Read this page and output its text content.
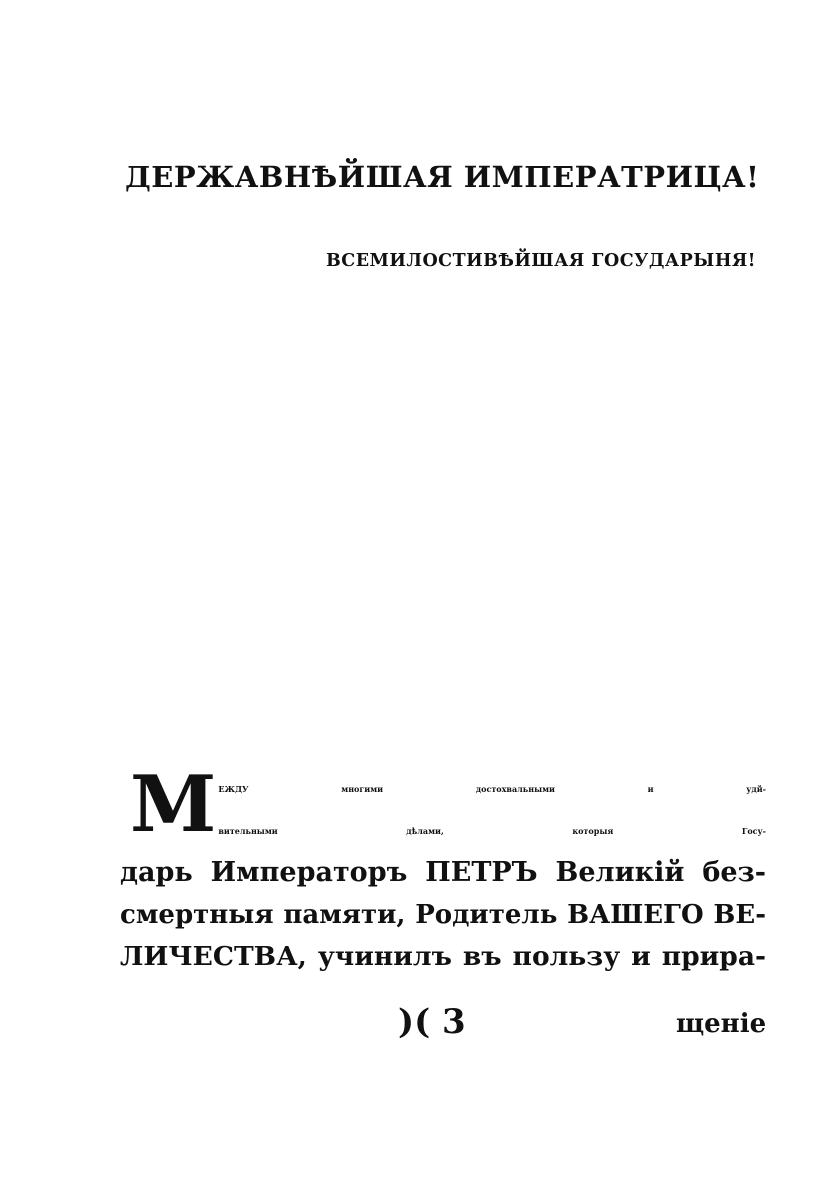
ДЕРЖАВНѢЙШАЯ ИМПЕРАТРИЦА!
ВСЕМИЛОСТИВѢЙШАЯ ГОСУДАРЫНЯ!
М ЕЖДУ многими достохвальными и удй-
вительными дѣлами, которыя Госу-
дарь Императоръ ПЕТРЪ Великій без-
смертныя памяти, Родитель ВАШЕГО ВЕ-
ЛИЧЕСТВА, учинилъ въ пользу и прира-
)( 3	щеніе
